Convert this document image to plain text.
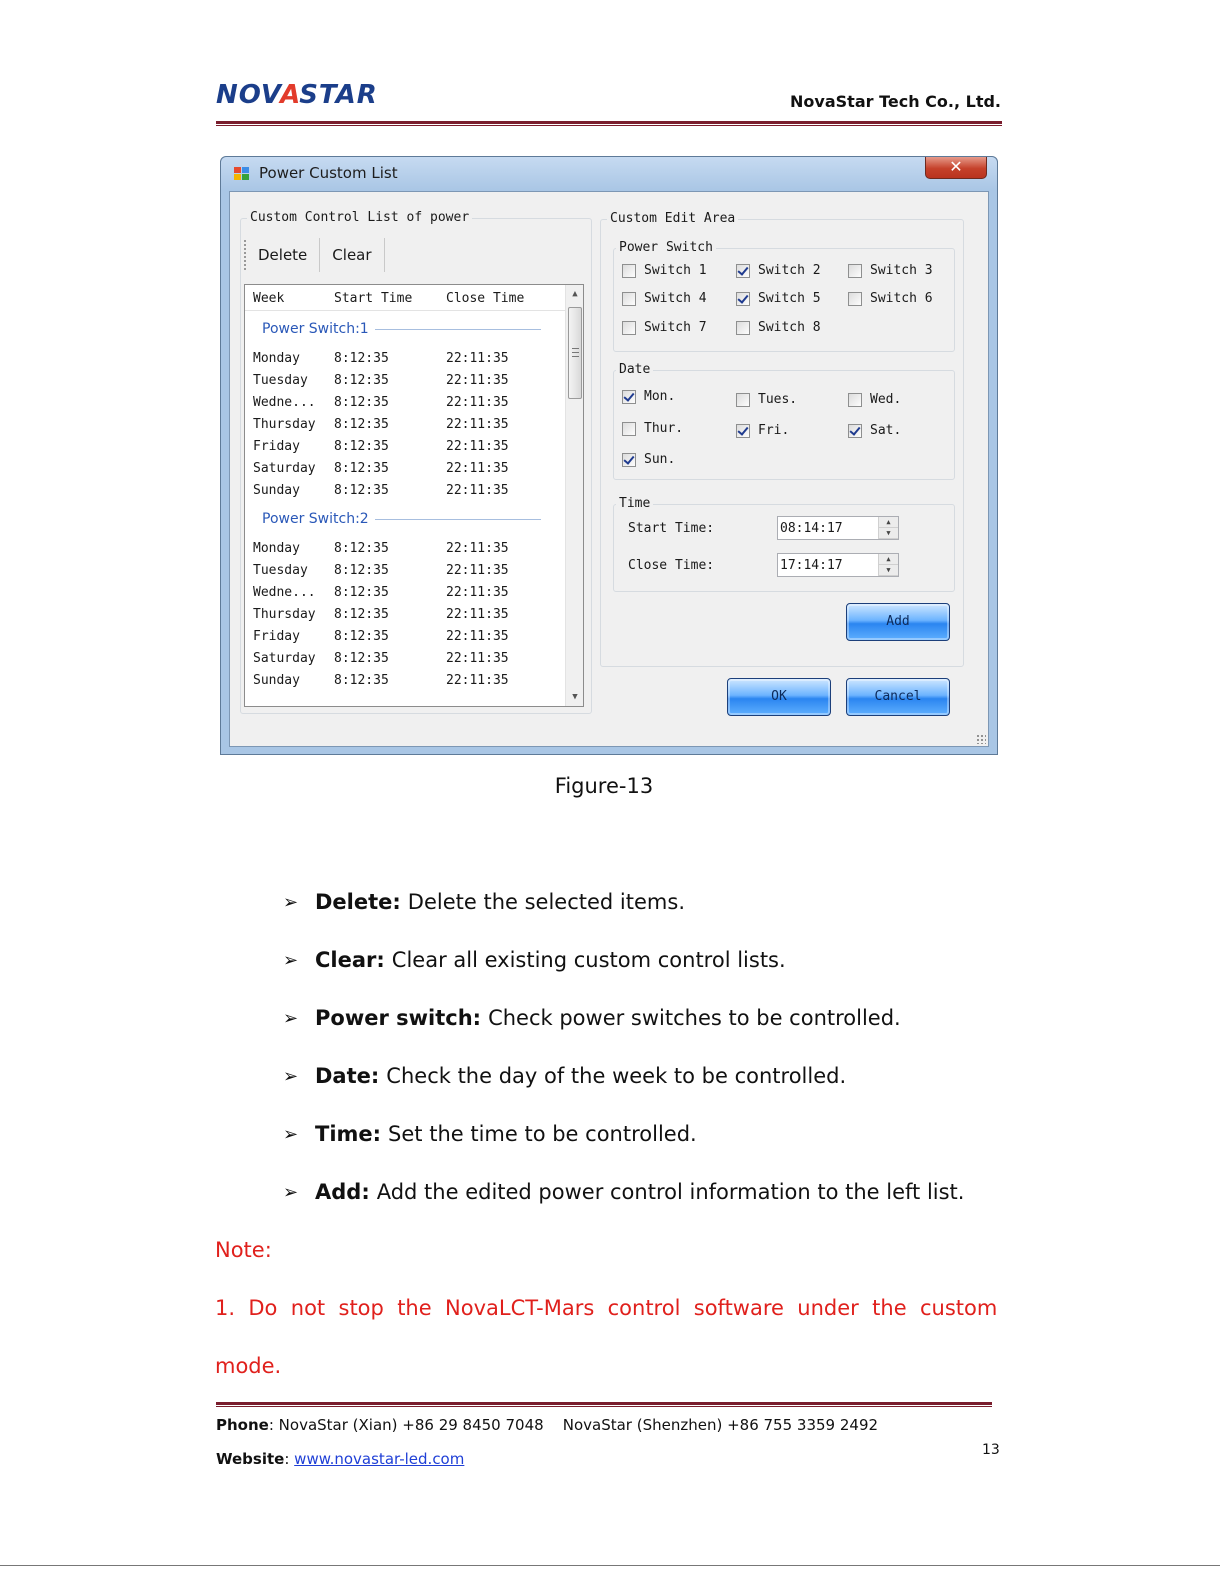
NOV
A
STAR	NovaStar Tech Co., Ltd.
Power Custom List	✕
Custom Control List of power
Delete	Clear
Week	Start Time	Close Time
Power Switch:1
Monday	8:12:35	22:11:35
Tuesday 8:12:35	22:11:35
Wedne... 8:12:35	22:11:35
Thursday 8:12:35	22:11:35
Friday	8:12:35	22:11:35
Saturday 8:12:35	22:11:35
Sunday	8:12:35	22:11:35
Power Switch:2
Monday	8:12:35	22:11:35
Tuesday 8:12:35	22:11:35
Wedne... 8:12:35	22:11:35
Thursday 8:12:35	22:11:35
Friday	8:12:35	22:11:35
Saturday 8:12:35	22:11:35
Sunday	8:12:35	22:11:35
▲
▼
Custom Edit Area
Power Switch
Switch 1	Switch 2	Switch 3
Switch 4	Switch 5	Switch 6
Switch 7	Switch 8
Date
Mon.	Tues.	Wed.
Thur.	Fri.	Sat.
Sun.
Time
Start Time:	08:14:17	▲
▼
Close Time:	17:14:17	▲
▼
Add
OK	Cancel
Figure-13
➢ Delete: Delete the selected items.
➢ Clear: Clear all existing custom control lists.
➢ Power switch: Check power switches to be controlled.
➢ Date: Check the day of the week to be controlled.
➢ Time: Set the time to be controlled.
➢ Add: Add the edited power control information to the left list.
Note:
1.  Do  not  stop  the  NovaLCT-Mars  control  software  under  the  custom
mode.
Phone: NovaStar (Xian) +86 29 8450 7048    NovaStar (Shenzhen) +86 755 3359 2492
Website: www.novastar-led.com	13
